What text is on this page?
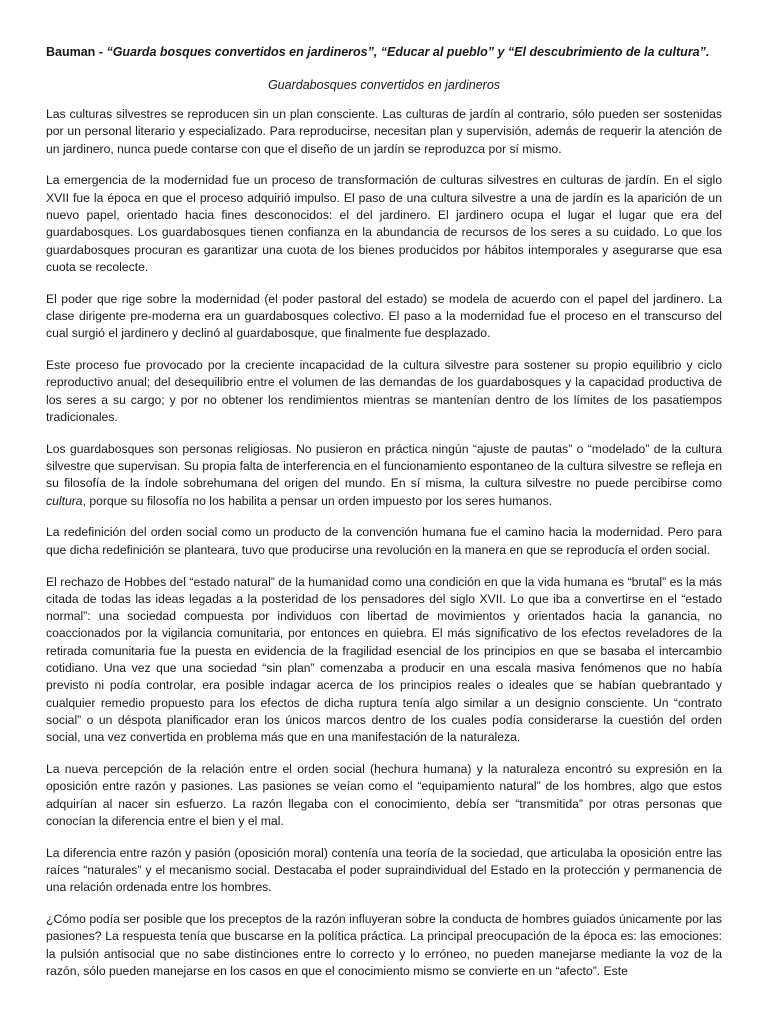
Bauman - “Guarda bosques convertidos en jardineros”, “Educar al pueblo” y “El descubrimiento de la cultura”.
Guardabosques convertidos en jardineros

Las culturas silvestres se reproducen sin un plan consciente. Las culturas de jardín al contrario, sólo pueden ser sostenidas por un personal literario y especializado. Para reproducirse, necesitan plan y supervisión, además de requerir la atención de un jardinero, nunca puede contarse con que el diseño de un jardín se reproduzca por sí mismo.

La emergencia de la modernidad fue un proceso de transformación de culturas silvestres en culturas de jardín. En el siglo XVII fue la época en que el proceso adquirió impulso. El paso de una cultura silvestre a una de jardín es la aparición de un nuevo papel, orientado hacia fines desconocidos: el del jardinero. El jardinero ocupa el lugar el lugar que era del guardabosques. Los guardabosques tienen confianza en la abundancia de recursos de los seres a su cuidado. Lo que los guardabosques procuran es garantizar una cuota de los bienes producidos por hábitos intemporales y asegurarse que esa cuota se recolecte.

El poder que rige sobre la modernidad (el poder pastoral del estado) se modela de acuerdo con el papel del jardinero. La clase dirigente pre-moderna era un guardabosques colectivo. El paso a la modernidad fue el proceso en el transcurso del cual surgió el jardinero y declinó al guardabosque, que finalmente fue desplazado.

Este proceso fue provocado por la creciente incapacidad de la cultura silvestre para sostener su propio equilibrio y ciclo reproductivo anual; del desequilibrio entre el volumen de las demandas de los guardabosques y la capacidad productiva de los seres a su cargo; y por no obtener los rendimientos mientras se mantenían dentro de los límites de los pasatiempos tradicionales.

Los guardabosques son personas religiosas. No pusieron en práctica ningún “ajuste de pautas” o “modelado” de la cultura silvestre que supervisan. Su propia falta de interferencia en el funcionamiento espontaneo de la cultura silvestre se refleja en su filosofía de la índole sobrehumana del origen del mundo. En sí misma, la cultura silvestre no puede percibirse como cultura, porque su filosofía no los habilita a pensar un orden impuesto por los seres humanos.

La redefinición del orden social como un producto de la convención humana fue el camino hacia la modernidad. Pero para que dicha redefinición se planteara, tuvo que producirse una revolución en la manera en que se reproducía el orden social.

El rechazo de Hobbes del “estado natural” de la humanidad como una condición en que la vida humana es “brutal” es la más citada de todas las ideas legadas a la posteridad de los pensadores del siglo XVII. Lo que iba a convertirse en el “estado normal”: una sociedad compuesta por individuos con libertad de movimientos y orientados hacia la ganancia, no coaccionados por la vigilancia comunitaria, por entonces en quiebra. El más significativo de los efectos reveladores de la retirada comunitaria fue la puesta en evidencia de la fragilidad esencial de los principios en que se basaba el intercambio cotidiano. Una vez que una sociedad “sin plan” comenzaba a producir en una escala masiva fenómenos que no había previsto ni podía controlar, era posible indagar acerca de los principios reales o ideales que se habían quebrantado y cualquier remedio propuesto para los efectos de dicha ruptura tenía algo similar a un designio consciente. Un “contrato social” o un déspota planificador eran los únicos marcos dentro de los cuales podía considerarse la cuestión del orden social, una vez convertida en problema más que en una manifestación de la naturaleza.

La nueva percepción de la relación entre el orden social (hechura humana) y la naturaleza encontró su expresión en la oposición entre razón y pasiones. Las pasiones se veían como el “equipamiento natural” de los hombres, algo que estos adquirían al nacer sin esfuerzo. La razón llegaba con el conocimiento, debía ser “transmitida” por otras personas que conocían la diferencia entre el bien y el mal.

La diferencia entre razón y pasión (oposición moral) contenía una teoría de la sociedad, que articulaba la oposición entre las raíces “naturales” y el mecanismo social. Destacaba el poder supraindividual del Estado en la protección y permanencia de una relación ordenada entre los hombres.

¿Cómo podía ser posible que los preceptos de la razón influyeran sobre la conducta de hombres guiados únicamente por las pasiones? La respuesta tenía que buscarse en la política práctica. La principal preocupación de la época es: las emociones: la pulsión antisocial que no sabe distinciones entre lo correcto y lo erróneo, no pueden manejarse mediante la voz de la razón, sólo pueden manejarse en los casos en que el conocimiento mismo se convierte en un “afecto”. Este
